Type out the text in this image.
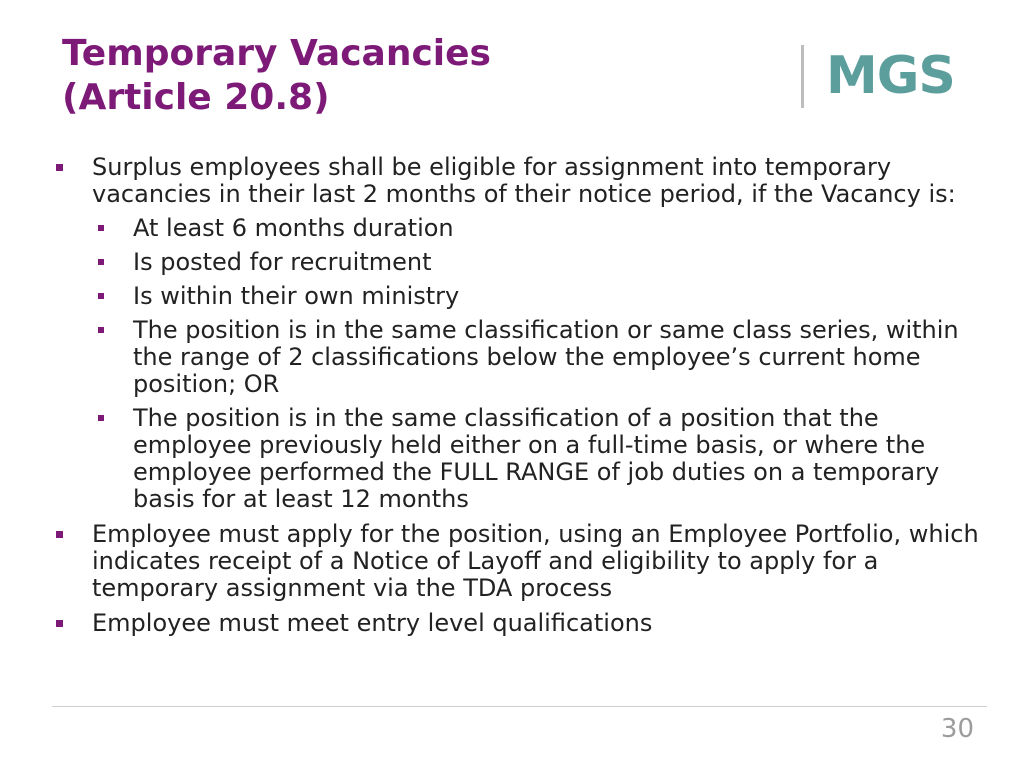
Temporary Vacancies
(Article 20.8)	MGS
Surplus employees shall be eligible for assignment into temporary vacancies in their last 2 months of their notice period, if the Vacancy is:
At least 6 months duration
Is posted for recruitment
Is within their own ministry
The position is in the same classification or same class series, within the range of 2 classifications below the employee’s current home position; OR
The position is in the same classification of a position that the employee previously held either on a full-time basis, or where the employee performed the FULL RANGE of job duties on a temporary basis for at least 12 months
Employee must apply for the position, using an Employee Portfolio, which indicates receipt of a Notice of Layoff and eligibility to apply for a temporary assignment via the TDA process
Employee must meet entry level qualifications
30
